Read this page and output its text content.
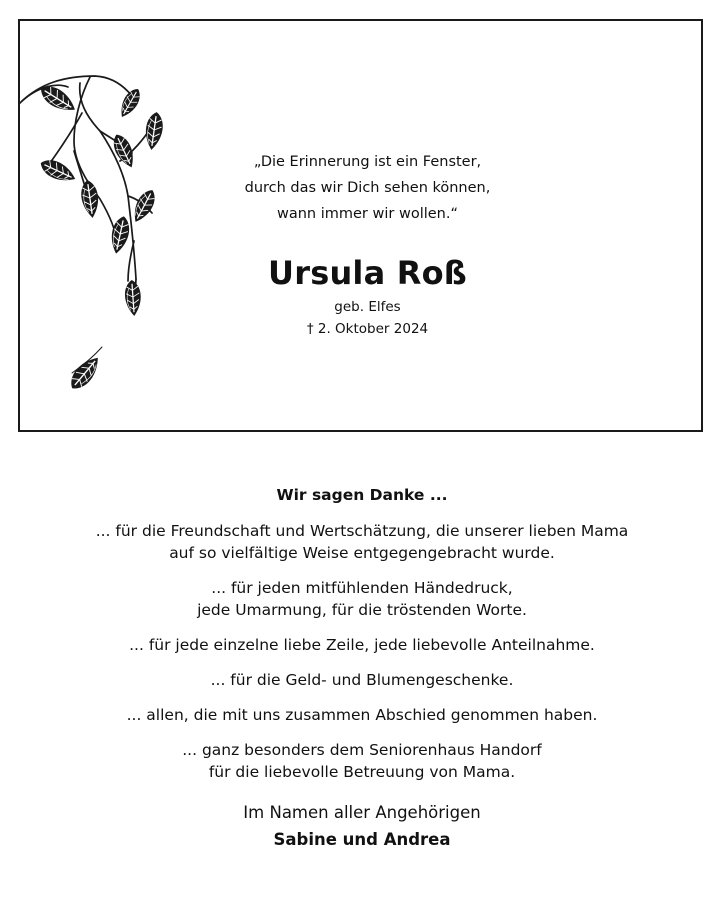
„Die Erinnerung ist ein Fenster,
durch das wir Dich sehen können,
wann immer wir wollen.“
Ursula Roß
geb. Elfes
† 2. Oktober 2024
Wir sagen Danke ...
... für die Freundschaft und Wertschätzung, die unserer lieben Mama
auf so vielfältige Weise entgegengebracht wurde.
... für jeden mitfühlenden Händedruck,
jede Umarmung, für die tröstenden Worte.
... für jede einzelne liebe Zeile, jede liebevolle Anteilnahme.
... für die Geld- und Blumengeschenke.
... allen, die mit uns zusammen Abschied genommen haben.
... ganz besonders dem Seniorenhaus Handorf
für die liebevolle Betreuung von Mama.
Im Namen aller Angehörigen
Sabine und Andrea
